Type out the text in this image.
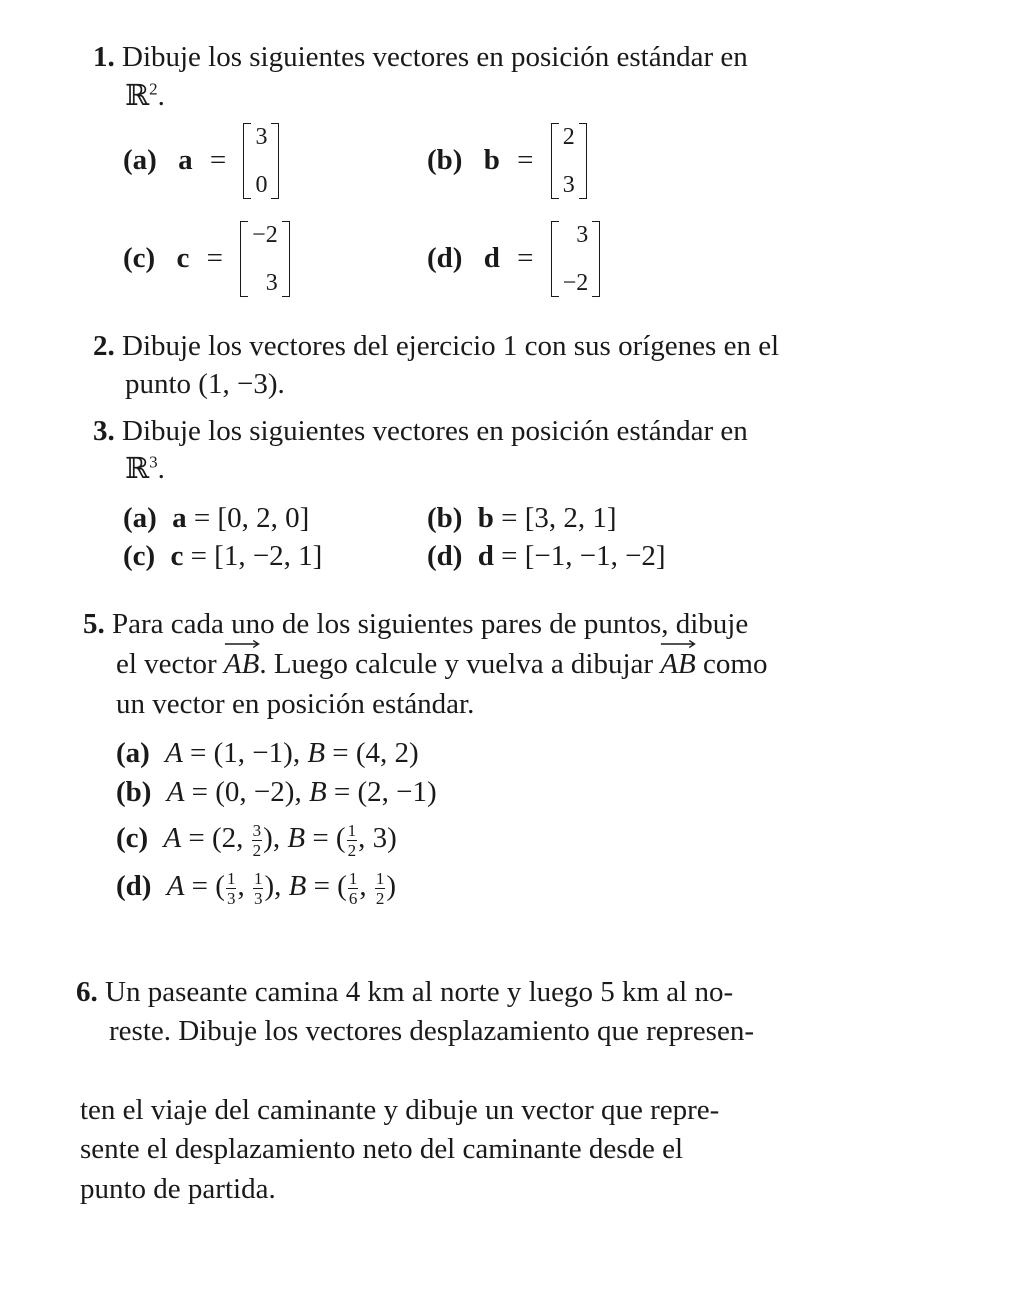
1. Dibuje los siguientes vectores en posición estándar en
ℝ$^2$.
(a) a =
3
0
(b) b =
2
3
(c) c =
−2
3
(d) d =
3
−2
2. Dibuje los vectores del ejercicio 1 con sus orígenes en el
punto (1, −3).
3. Dibuje los siguientes vectores en posición estándar en
ℝ$^3$.
(a) a = [0, 2, 0]	(b) b = [3, 2, 1]
(c) c = [1, −2, 1]	(d) d = [−1, −1, −2]
5. Para cada uno de los siguientes pares de puntos, dibuje
el vector
AB. Luego calcule y vuelva a dibujar
AB como
un vector en posición estándar.
(a) A = (1, −1), B = (4, 2)
(b) A = (0, −2), B = (2, −1)
(c) A = (2, $\frac{3}{2}$ ), B = ( $\frac{1}{2}$ , 3)
(d) A = ( $\frac{1}{3}$ , $\frac{1}{3}$ ), B = ( $\frac{1}{6}$ , $\frac{1}{2}$ )
6. Un paseante camina 4 km al norte y luego 5 km al no-
reste. Dibuje los vectores desplazamiento que represen-
ten el viaje del caminante y dibuje un vector que repre-
sente el desplazamiento neto del caminante desde el
punto de partida.
